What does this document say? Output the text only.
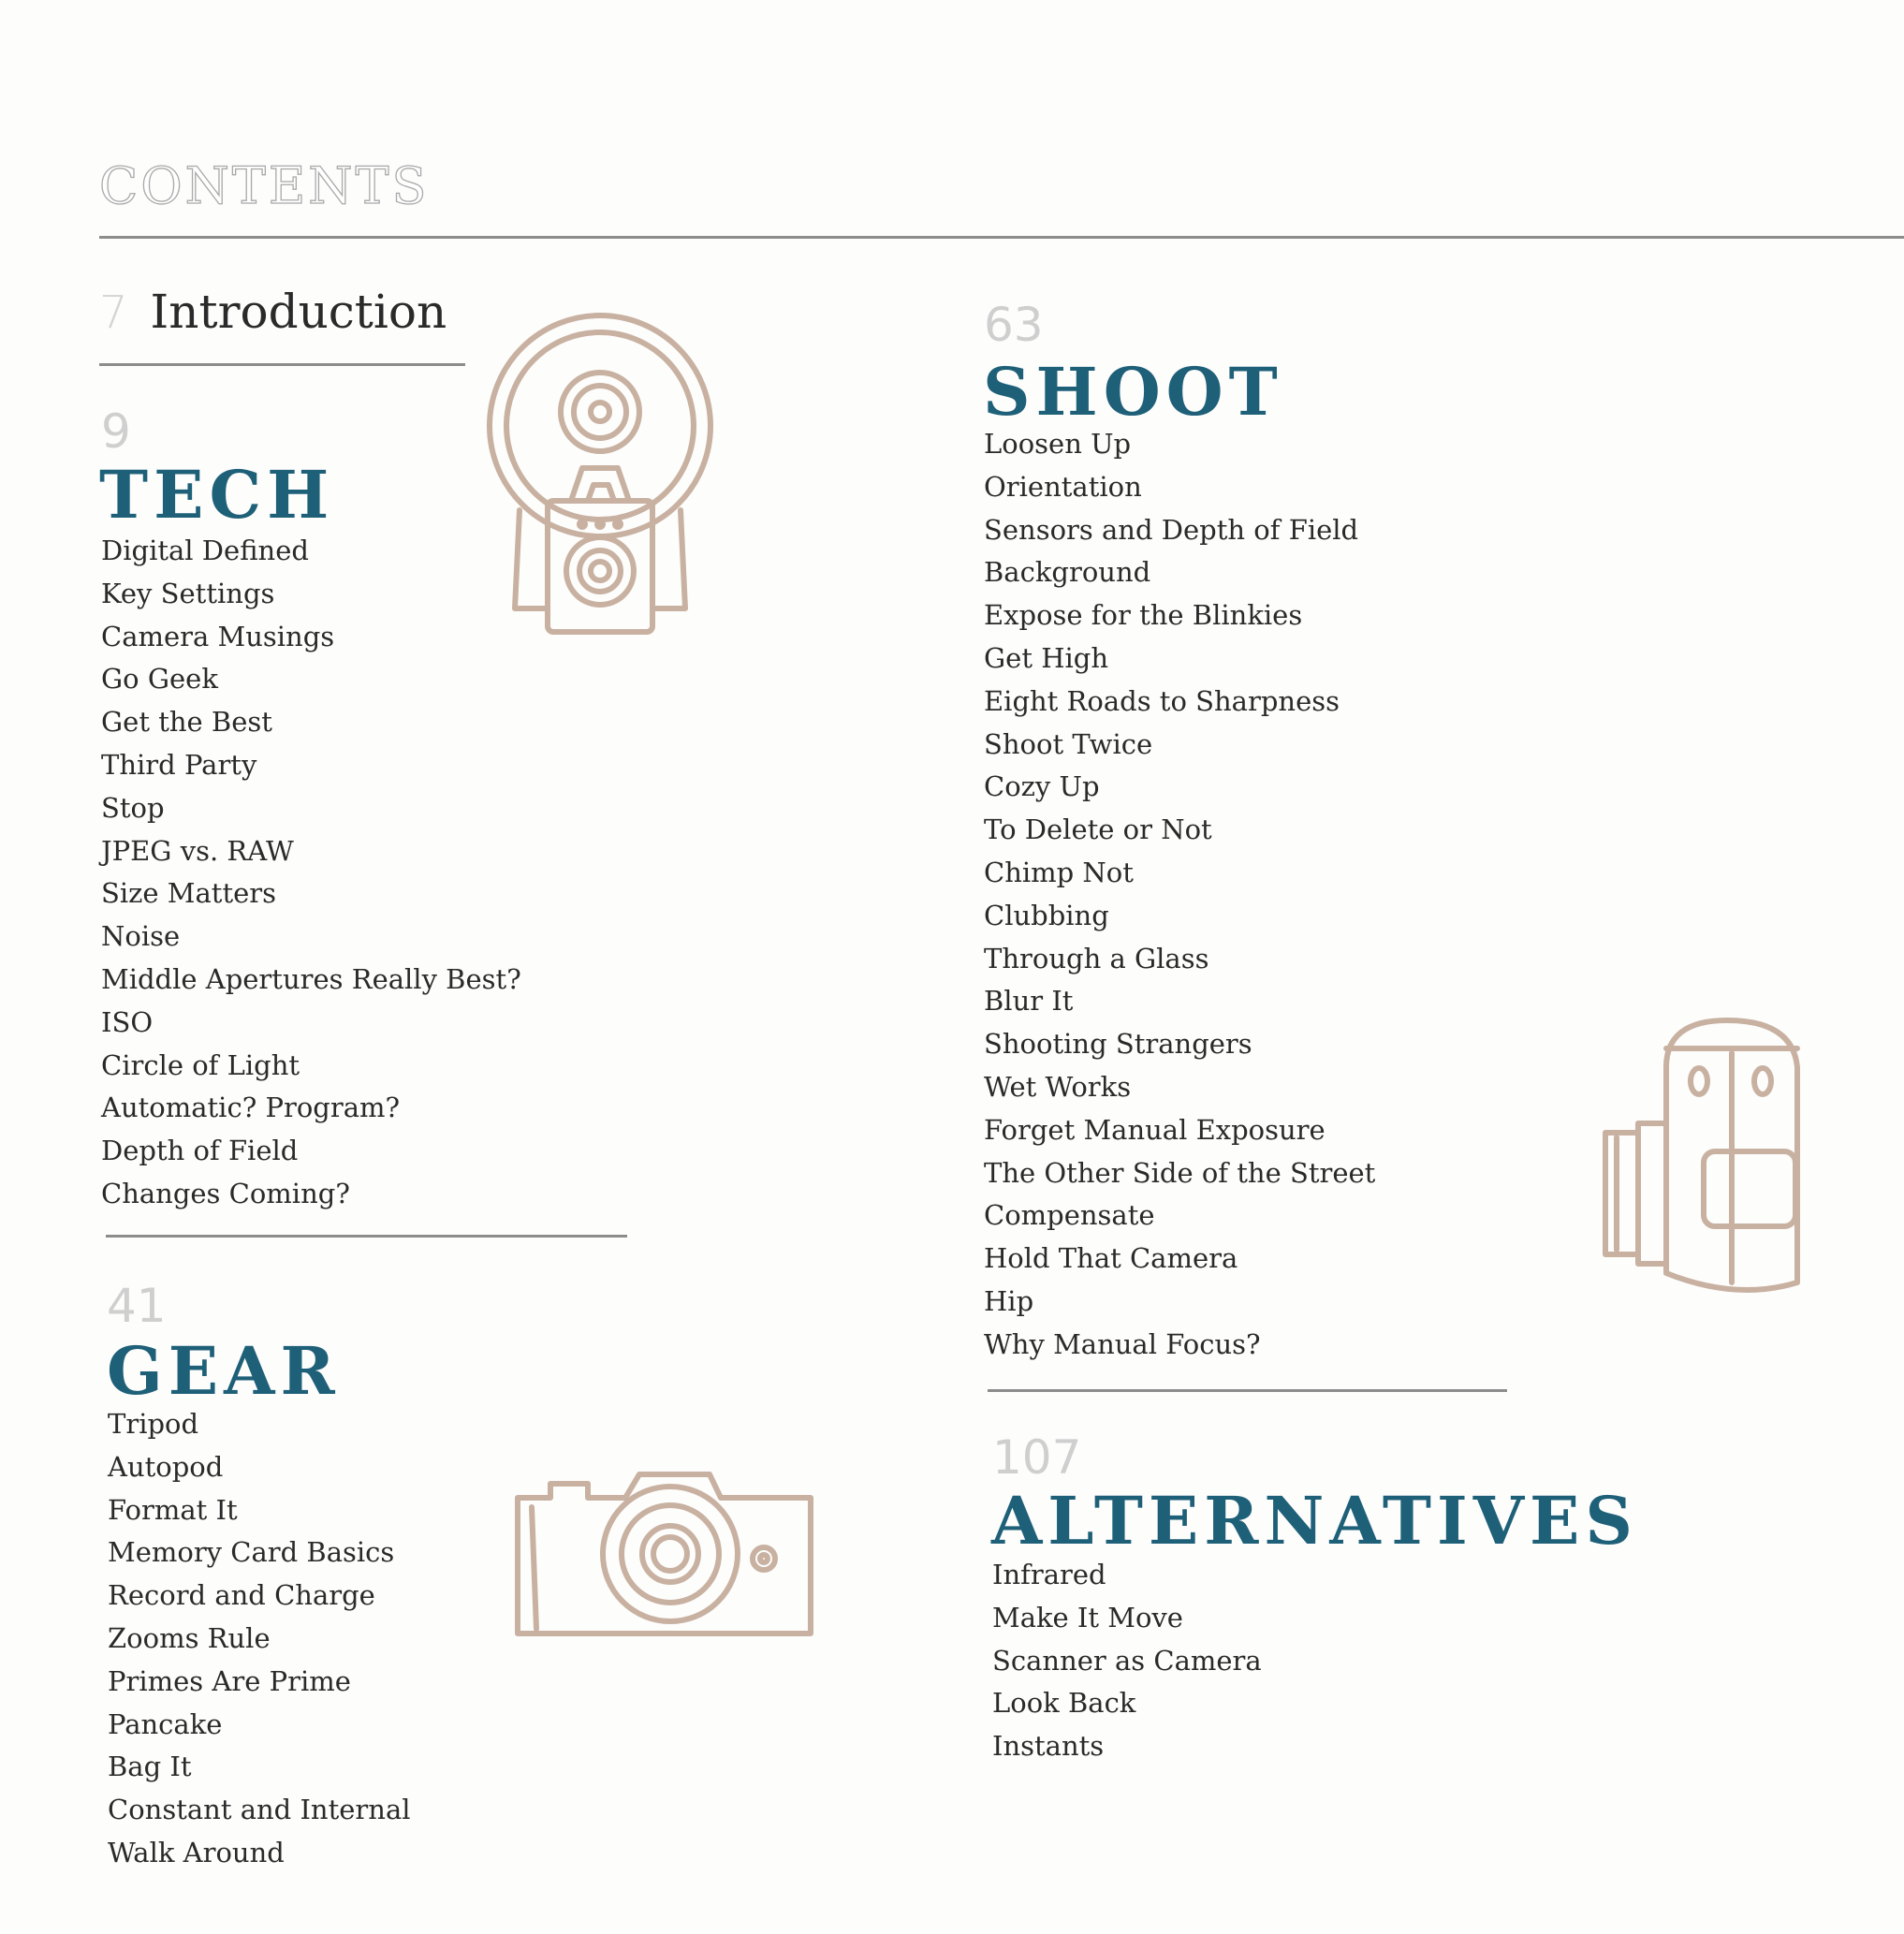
CONTENTS
7 Introduction
9
TECH
Digital Defined
Key Settings
Camera Musings
Go Geek
Get the Best
Third Party
Stop
JPEG vs. RAW
Size Matters
Noise
Middle Apertures Really Best?
ISO
Circle of Light
Automatic? Program?
Depth of Field
Changes Coming?
41
GEAR
Tripod
Autopod
Format It
Memory Card Basics
Record and Charge
Zooms Rule
Primes Are Prime
Pancake
Bag It
Constant and Internal
Walk Around
63
SHOOT
Loosen Up
Orientation
Sensors and Depth of Field
Background
Expose for the Blinkies
Get High
Eight Roads to Sharpness
Shoot Twice
Cozy Up
To Delete or Not
Chimp Not
Clubbing
Through a Glass
Blur It
Shooting Strangers
Wet Works
Forget Manual Exposure
The Other Side of the Street
Compensate
Hold That Camera
Hip
Why Manual Focus?
107
ALTERNATIVES
Infrared
Make It Move
Scanner as Camera
Look Back
Instants
